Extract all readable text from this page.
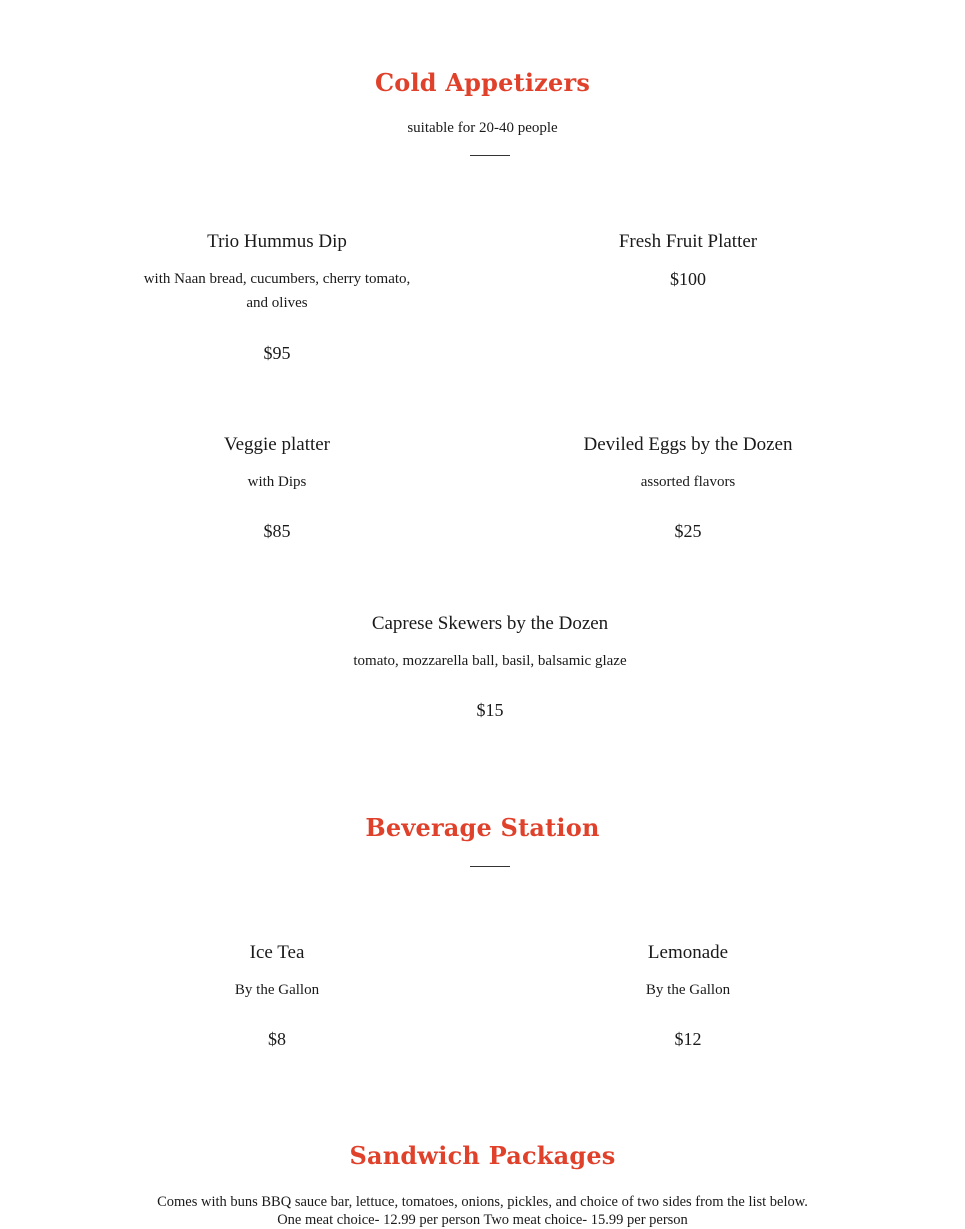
Cold Appetizers

suitable for 20-40 people

Trio Hummus Dip

with Naan bread, cucumbers, cherry tomato,
and olives

$95

Fresh Fruit Platter

$100

Veggie platter

with Dips

$85

Deviled Eggs by the Dozen

assorted flavors

$25

Caprese Skewers by the Dozen

tomato, mozzarella ball, basil, balsamic glaze

$15

Beverage Station

Ice Tea

By the Gallon

$8

Lemonade

By the Gallon

$12

Sandwich Packages

Comes with buns BBQ sauce bar, lettuce, tomatoes, onions, pickles, and choice of two sides from the list below.

One meat choice- 12.99 per person Two meat choice- 15.99 per person
